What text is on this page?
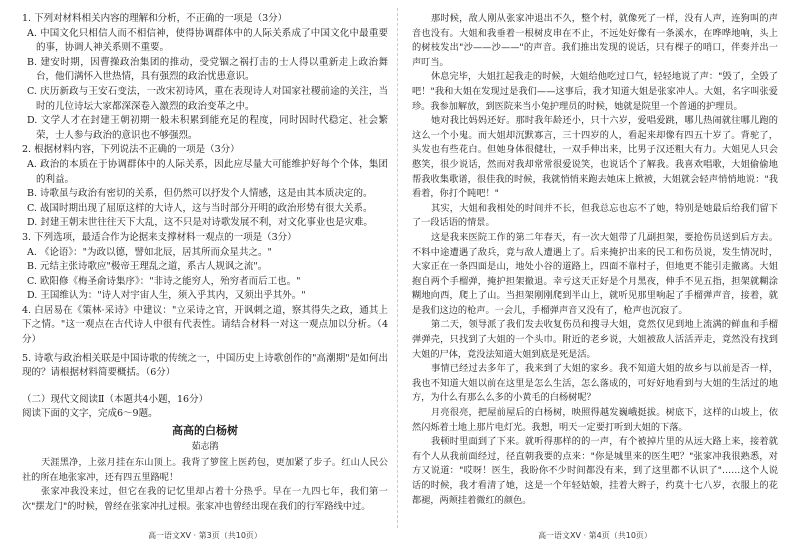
1. 下列对材料相关内容的理解和分析，不正确的一项是（3分）

A. 中国文化只相信人而不相信神，使得协调群体中的人际关系成了中国文化中最重要的事，协调人神关系则不重要。

B. 建安时期，因曹操政治集团的推动，受党锢之祸打击的士人得以重新走上政治舞台，他们满怀入世热情，具有强烈的政治忧患意识。

C. 庆历新政与王安石变法，一改宋初诗风，重在表现诗人对国家社稷前途的关注，当时的儿位诗坛大家都深深卷入激烈的政治变革之中。

D. 文学人才在封建王朝初期一般未积累到能充足的程度，同时因时代稳定、社会繁荣，士人参与政治的意识也不够强烈。

2. 根据材料内容，下列说法不正确的一项是（3分）

A. 政治的本质在于协调群体中的人际关系，因此应尽量大可能维护好每个个体，集团的利益。

B. 诗歌虽与政治有密切的关系，但仍然可以抒发个人情感，这是由其本质决定的。

C. 战国时期出现了屈原这样的大诗人，这与当时部分开明的政治形势有很大关系。

D. 封建王朝末世往往天下大乱，这不只是对诗歌发展不利，对文化事业也是灾难。

3. 下列选项，最适合作为论据来支撑材料一观点的一项是（3分）

A. 《论语》："为政以德，譬如北辰，居其所而众星共之。"

B. 元结主张诗歌应"极帝王理乱之道，系古人规讽之流"。

C. 欧阳修《梅圣俞诗集序》："非诗之能穷人，殆穷者而后工也。"

D. 王国维认为："诗人对宇宙人生，须入乎其内，又须出乎其外。"

4. 白居易在《策林·采诗》中建议："立采诗之官，开讽刺之道，察其得失之政，通其上下之情。"这一观点在古代诗人中很有代表性。请结合材料一对这一观点加以分析。（4分）

5. 诗歌与政治相关联是中国诗歌的传统之一，中国历史上诗歌创作的"高潮期"是如何出现的？请根据材料简要概括。（6分）

（二）现代文阅读Ⅱ（本题共4小题，16分）

阅读下面的文字，完成6～9题。

高高的白杨树
茹志鹃

天涯黑净，上弦月挂在东山顶上。我背了箩筐上医药包，更加紧了步子。红山人民公社的所在地张家冲，还有四五里路呢！

张家冲我没来过，但它在我的记忆里却占着十分热乎。早在一九四七年，我们第一次"摆龙门"的时候，曾经在张家冲扎过根。张家冲也曾经出现在我们的行军路线中过。

那时候，敌人刚从张家冲退出不久，整个村，就像死了一样，没有人声，连狗叫的声音也没有。大姐和我垂着一根树皮串在不止，不远处好像有一条溪水，在哗哗地响，头上的树枝发出"沙——沙——"的声音。我们推出发现的说话，只有棵子的哨口，伴奏并出一声叮当。

休息完毕，大姐扛起我走的时候，大姐给他吃过口气，轻轻地说了声："毁了，全毁了吧！"我和大姐在发现过是我们——这事后，我才知道大姐是张家冲人。大姐，名字叫张爱珍。我参加解放，到医院来当小兔护理员的时候，她就是院里一个普通的护理员。

她对我比妈妈还好。那时我年龄还小，只十六岁，爱唱爱跳，哪儿热闹就往哪儿跑的这么一个小鬼。而大姐却沉默寡言，三十四岁的人，看起来却像有四五十岁了。背驼了，头发也有些花白。但她身体很健壮，一双手伸出来，比男子汉还粗大有力。大姐见人只会憨笑，很少说话，然而对我却常常很爱说笑，也说话个了解我。我喜欢唱歌，大姐偷偷地帮我收集歌谱，很佳我的时候，我就悄悄来跑去她床上掀被，大姐就会轻声悄悄地说："我看着，你打个盹吧！"

其实，大姐和我相处的时间并不长，但我总忘也忘不了她，特别是她最后给我们留下了一段话语的情景。

这是我来医院工作的第二年春天，有一次大姐带了几副担架，要抢伤员送到后方去。不料中途遭遇了敌兵，竟与敌人遭遇上了。后来掩护出来的民工和伤员说，发生情况时，大家正在一条四面是山，地处小谷的道路上，四面不靠村子，但地更不能引走撤离。大姐抱自两个手榴弹，掩护担架撤退。幸亏这天正好是个月黑夜，伸手不见五指，担架就糊涂糊地向西，爬上了山。当担架刚刚爬到半山上，就听见那里响起了手榴弹声音，接着，就是我们这边的枪声。一会儿，手榴弹声音又没有了，枪声也沉寂了。

第二天，领导派了我们发去收复伤员和搜寻大姐，竟然仅见到地上流满的鲜血和手榴弹弹壳，只找到了大姐的一个头巾。附近的老乡说，大姐被敌人活活弄走，竟然没有找到大姐的尸体，竟没法知道大姐到底是死是活。

事情已经过去多年了，我来到了大姐的家乡。我不知道大姐的故乡与以前是否一样，我也不知道大姐以前在这里是怎么生活，怎么落成的，可好好地看到与大姐的生活过的地方，为什么有那么么多的小黄毛的白杨树呢？

月亮很亮，把屋前屋后的白杨树，映照得越发巍峨挺拔。树底下，这样的山坡上，依然闪烁着土地上那片电灯光。我想，明天一定要打听到大姐的下落。

我顿时里面到了下来。就听得那样的的一声，有个被掉片里的从远大路上来，接着就有个人从我前面经过，径直朝我要的点来："你是城里来的医生吧？"张家冲我很熟悉，对方又说道："哎呀！医生，我盼你不少时间都没有来，到了这里都不认识了"……这个人说话的时候，我才看清了她，这是一个年轻姑娘，挂着大辫子，约莫十七八岁，衣服上的花都褪，两颊挂着微红的颜色。

高一语文XV · 第3页（共10页）	高一语文XV · 第4页（共10页）
